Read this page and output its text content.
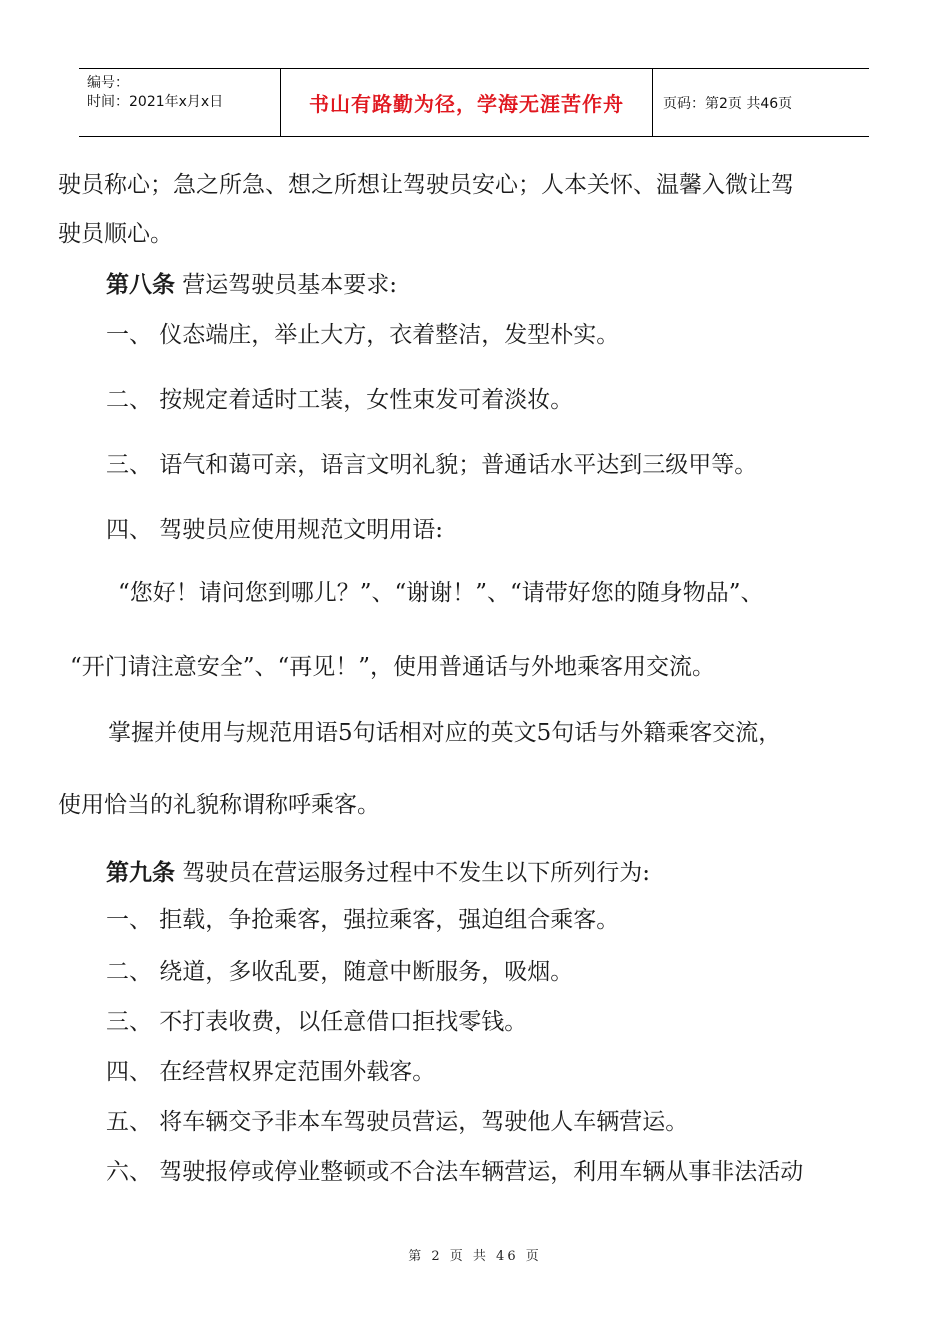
编号：
时间：2021年x月x日	书山有路勤为径，学海无涯苦作舟	页码：第2页 共46页
驶员称心；急之所急、想之所想让驾驶员安心；人本关怀、温馨入微让驾
驶员顺心。
第八条 营运驾驶员基本要求:
一、 仪态端庄，举止大方，衣着整洁，发型朴实。
二、 按规定着适时工装，女性束发可着淡妆。
三、 语气和蔼可亲，语言文明礼貌；普通话水平达到三级甲等。
四、 驾驶员应使用规范文明用语:
“您好！请问您到哪儿？”、“谢谢！”、“请带好您的随身物品”、
“开门请注意安全”、“再见！”，使用普通话与外地乘客用交流。
掌握并使用与规范用语5句话相对应的英文5句话与外籍乘客交流，
使用恰当的礼貌称谓称呼乘客。
第九条 驾驶员在营运服务过程中不发生以下所列行为:
一、 拒载，争抢乘客，强拉乘客，强迫组合乘客。
二、 绕道，多收乱要，随意中断服务，吸烟。
三、 不打表收费，以任意借口拒找零钱。
四、 在经营权界定范围外载客。
五、 将车辆交予非本车驾驶员营运，驾驶他人车辆营运。
六、 驾驶报停或停业整顿或不合法车辆营运，利用车辆从事非法活动
第 2 页 共 46 页
